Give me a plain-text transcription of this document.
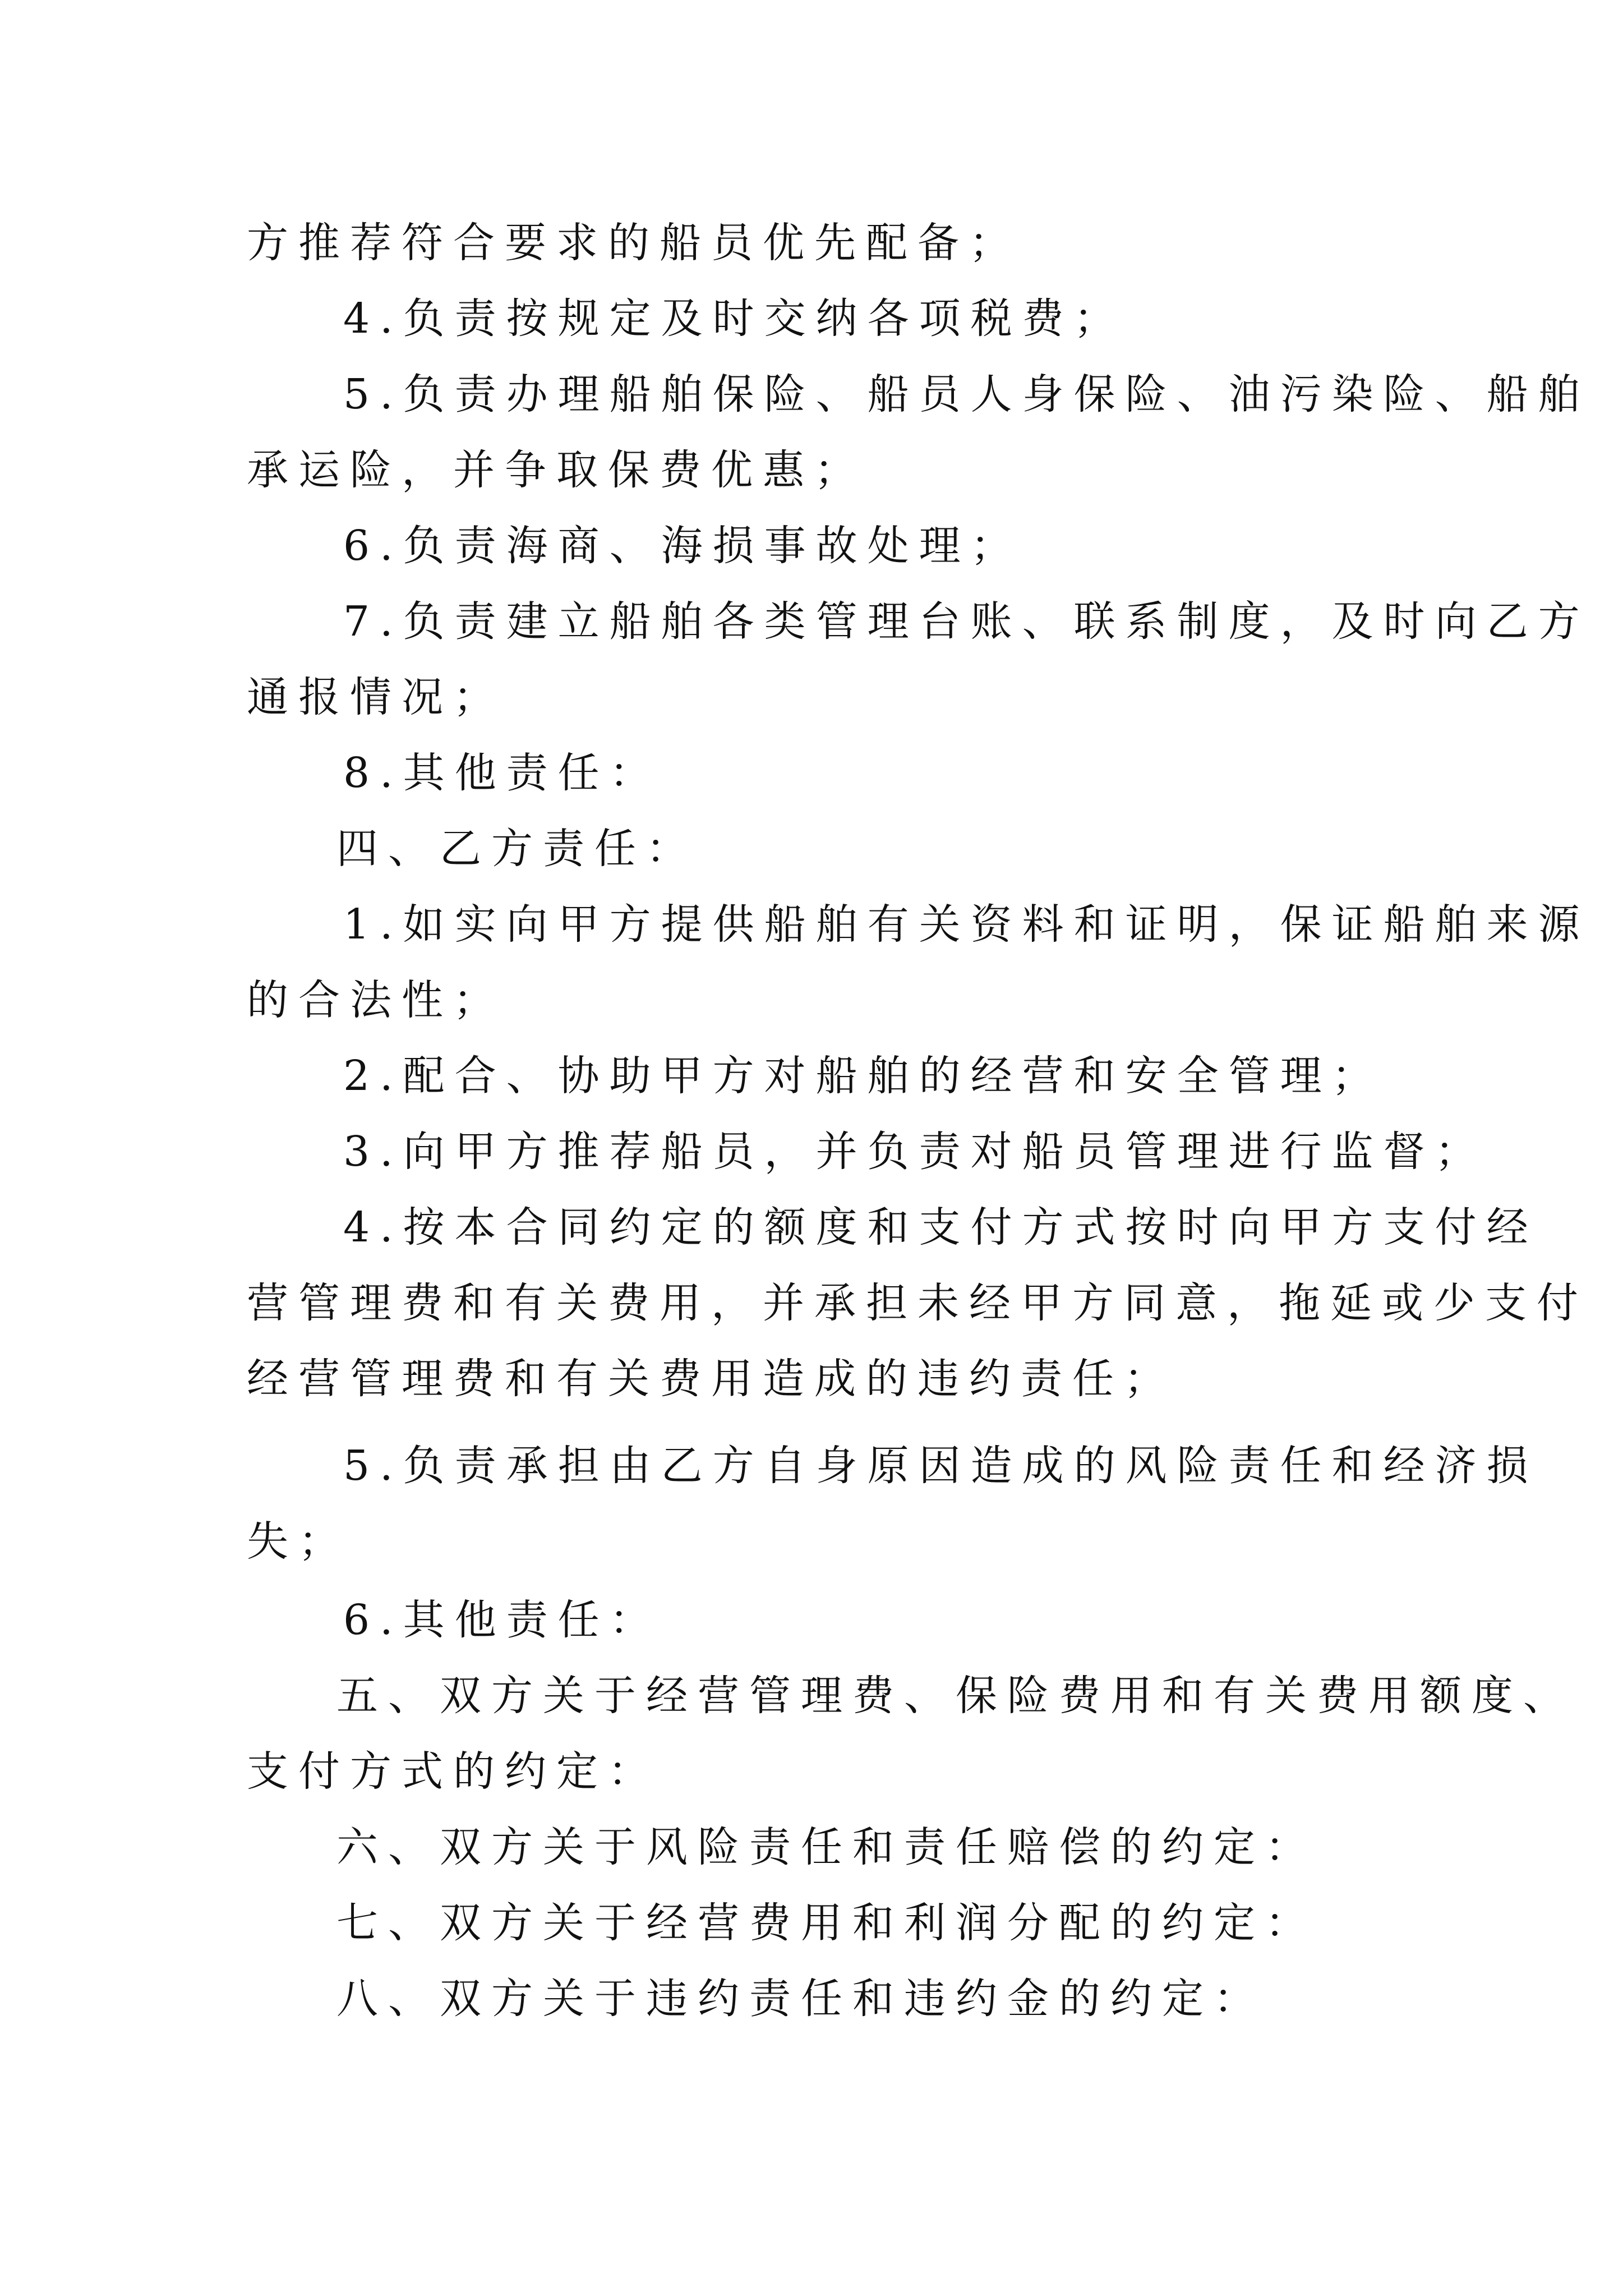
方推荐符合要求的船员优先配备；
4.负责按规定及时交纳各项税费；
5.负责办理船舶保险、船员人身保险、油污染险、船舶
承运险，并争取保费优惠；
6.负责海商、海损事故处理；
7.负责建立船舶各类管理台账、联系制度，及时向乙方
通报情况；
8.其他责任：
四、乙方责任：
1.如实向甲方提供船舶有关资料和证明，保证船舶来源
的合法性；
2.配合、协助甲方对船舶的经营和安全管理；
3.向甲方推荐船员，并负责对船员管理进行监督；
4.按本合同约定的额度和支付方式按时向甲方支付经
营管理费和有关费用，并承担未经甲方同意，拖延或少支付
经营管理费和有关费用造成的违约责任；
5.负责承担由乙方自身原因造成的风险责任和经济损
失；
6.其他责任：
五、双方关于经营管理费、保险费用和有关费用额度、
支付方式的约定：
六、双方关于风险责任和责任赔偿的约定：
七、双方关于经营费用和利润分配的约定：
八、双方关于违约责任和违约金的约定：
